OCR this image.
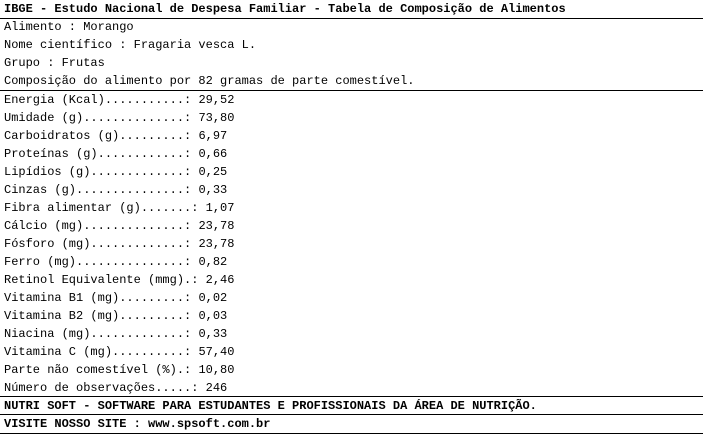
IBGE - Estudo Nacional de Despesa Familiar - Tabela de Composição de Alimentos
Alimento : Morango
Nome científico : Fragaria vesca L.
Grupo : Frutas
Composição do alimento por 82 gramas de parte comestível.
Energia (Kcal)...........: 29,52
Umidade (g)..............: 73,80
Carboidratos (g).........: 6,97
Proteínas (g)............: 0,66
Lipídios (g).............: 0,25
Cinzas (g)...............: 0,33
Fibra alimentar (g).......: 1,07
Cálcio (mg)..............: 23,78
Fósforo (mg).............: 23,78
Ferro (mg)...............: 0,82
Retinol Equivalente (mmg).: 2,46
Vitamina B1 (mg).........: 0,02
Vitamina B2 (mg).........: 0,03
Niacina (mg).............: 0,33
Vitamina C (mg)..........: 57,40
Parte não comestível (%).: 10,80
Número de observações.....: 246
NUTRI SOFT - SOFTWARE PARA ESTUDANTES E PROFISSIONAIS DA ÁREA DE NUTRIÇÃO.
VISITE NOSSO SITE : www.spsoft.com.br
